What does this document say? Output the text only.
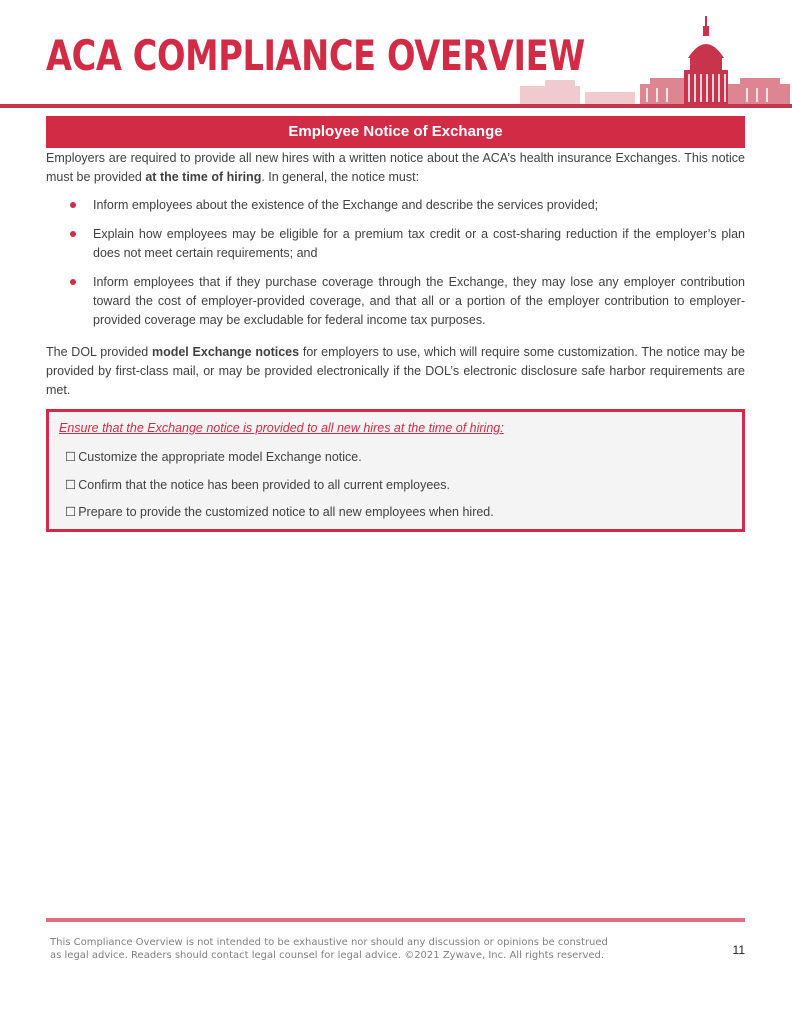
ACA COMPLIANCE OVERVIEW
Employee Notice of Exchange

Employers are required to provide all new hires with a written notice about the ACA’s health insurance Exchanges. This notice must be provided at the time of hiring. In general, the notice must:

Inform employees about the existence of the Exchange and describe the services provided;
Explain how employees may be eligible for a premium tax credit or a cost-sharing reduction if the employer’s plan does not meet certain requirements; and
Inform employees that if they purchase coverage through the Exchange, they may lose any employer contribution toward the cost of employer-provided coverage, and that all or a portion of the employer contribution to employer-provided coverage may be excludable for federal income tax purposes.

The DOL provided model Exchange notices for employers to use, which will require some customization. The notice may be provided by first-class mail, or may be provided electronically if the DOL’s electronic disclosure safe harbor requirements are met.

Ensure that the Exchange notice is provided to all new hires at the time of hiring:

☐ Customize the appropriate model Exchange notice.
☐ Confirm that the notice has been provided to all current employees.
☐ Prepare to provide the customized notice to all new employees when hired.

This Compliance Overview is not intended to be exhaustive nor should any discussion or opinions be construed
as legal advice. Readers should contact legal counsel for legal advice. ©2021 Zywave, Inc. All rights reserved.	11
